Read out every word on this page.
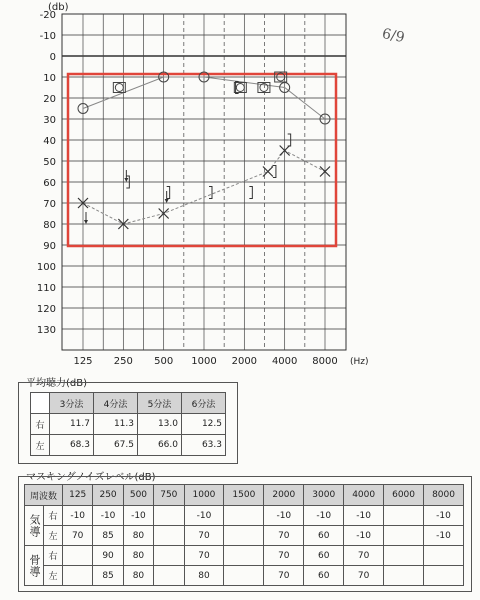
-20
-10
0
10
20
30
40
50
60
70
80
90
100
110
120
130
125 250 500 1000 2000 4000 8000 (Hz)
(db)
6/9
平均聴力(dB)
	3分法	4分法	5分法	6分法
右	11.7	11.3	13.0	12.5
左	68.3	67.5	66.0	63.3
マスキングノイズレベル(dB)
周波数		125	250	500	750	1000	1500	2000	3000	4000	6000	8000
気導	右	-10	-10	-10		-10		-10	-10	-10		-10
	左	70	85	80		70		70	60	-10		-10
骨導	右		90	80		70		70	60	70		
	左		85	80		80		70	60	70		
